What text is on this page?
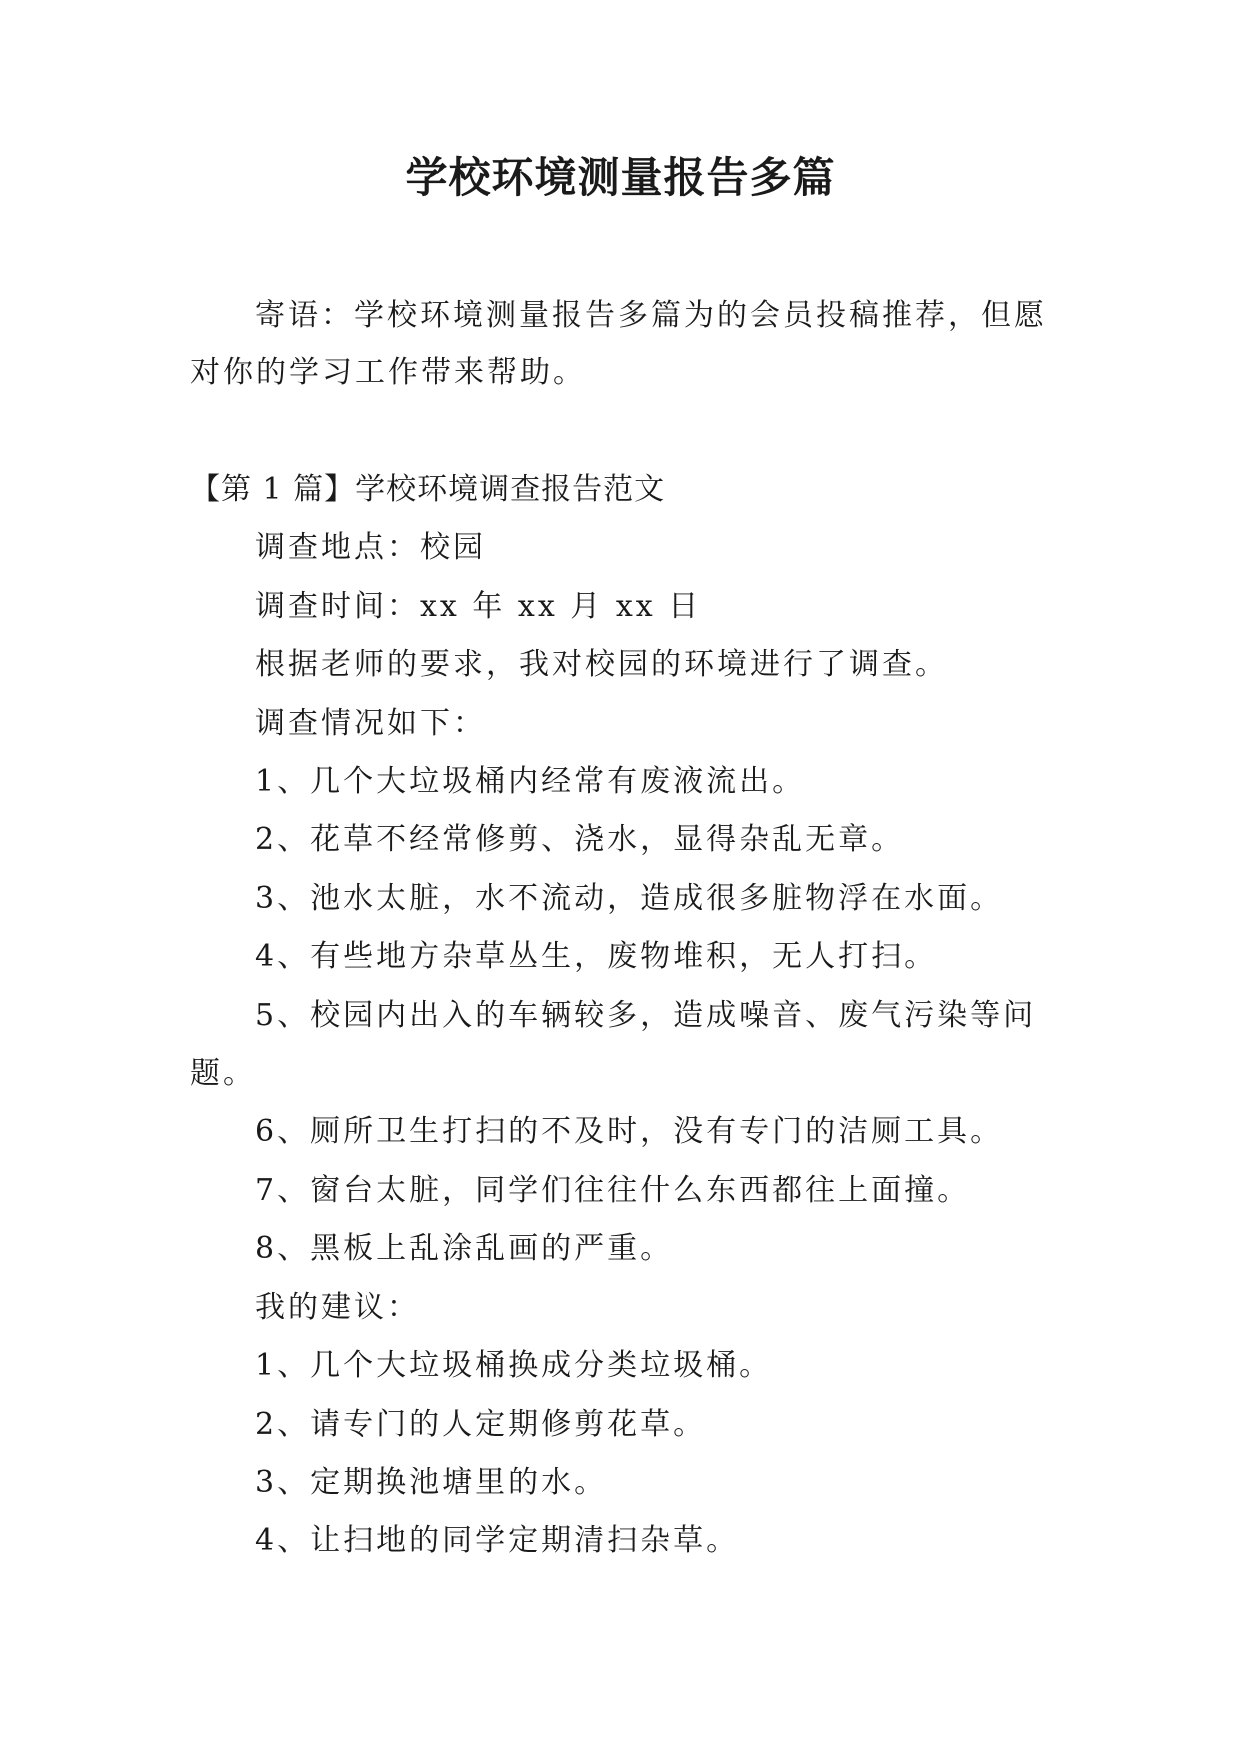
学校环境测量报告多篇

寄语：学校环境测量报告多篇为的会员投稿推荐，但愿对你的学习工作带来帮助。

【第 1 篇】学校环境调查报告范文

调查地点：校园

调查时间：xx 年 xx 月 xx 日

根据老师的要求，我对校园的环境进行了调查。

调查情况如下：

1、几个大垃圾桶内经常有废液流出。

2、花草不经常修剪、浇水，显得杂乱无章。

3、池水太脏，水不流动，造成很多脏物浮在水面。

4、有些地方杂草丛生，废物堆积，无人打扫。

5、校园内出入的车辆较多，造成噪音、废气污染等问题。

6、厕所卫生打扫的不及时，没有专门的洁厕工具。

7、窗台太脏，同学们往往什么东西都往上面撞。

8、黑板上乱涂乱画的严重。

我的建议：

1、几个大垃圾桶换成分类垃圾桶。

2、请专门的人定期修剪花草。

3、定期换池塘里的水。

4、让扫地的同学定期清扫杂草。
